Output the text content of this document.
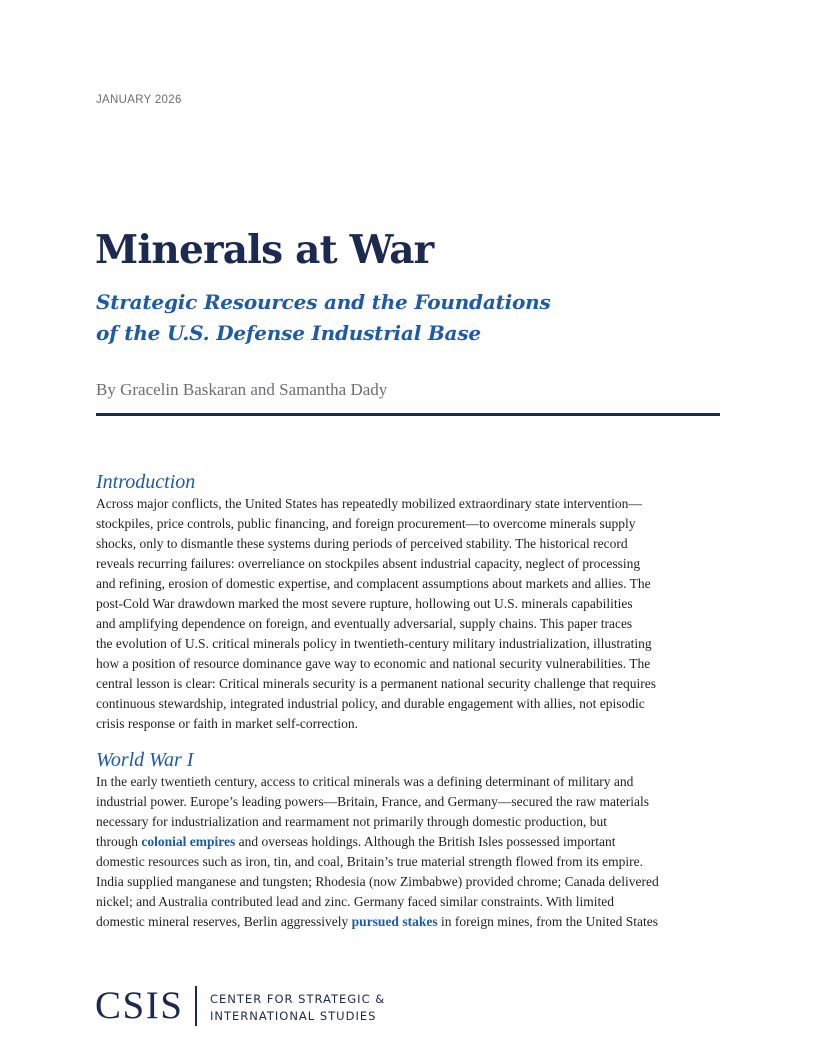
JANUARY 2026
Minerals at War
Strategic Resources and the Foundations
of the U.S. Defense Industrial Base
By Gracelin Baskaran and Samantha Dady
Introduction

Across major conflicts, the United States has repeatedly mobilized extraordinary state intervention—
stockpiles, price controls, public financing, and foreign procurement—to overcome minerals supply
shocks, only to dismantle these systems during periods of perceived stability. The historical record
reveals recurring failures: overreliance on stockpiles absent industrial capacity, neglect of processing
and refining, erosion of domestic expertise, and complacent assumptions about markets and allies. The
post-Cold War drawdown marked the most severe rupture, hollowing out U.S. minerals capabilities
and amplifying dependence on foreign, and eventually adversarial, supply chains. This paper traces
the evolution of U.S. critical minerals policy in twentieth-century military industrialization, illustrating
how a position of resource dominance gave way to economic and national security vulnerabilities. The
central lesson is clear: Critical minerals security is a permanent national security challenge that requires
continuous stewardship, integrated industrial policy, and durable engagement with allies, not episodic
crisis response or faith in market self-correction.

World War I

In the early twentieth century, access to critical minerals was a defining determinant of military and
industrial power. Europe’s leading powers—Britain, France, and Germany—secured the raw materials
necessary for industrialization and rearmament not primarily through domestic production, but
through colonial empires and overseas holdings. Although the British Isles possessed important
domestic resources such as iron, tin, and coal, Britain’s true material strength flowed from its empire.
India supplied manganese and tungsten; Rhodesia (now Zimbabwe) provided chrome; Canada delivered
nickel; and Australia contributed lead and zinc. Germany faced similar constraints. With limited
domestic mineral reserves, Berlin aggressively pursued stakes in foreign mines, from the United States

CSIS CENTER FOR STRATEGIC &
INTERNATIONAL STUDIES
